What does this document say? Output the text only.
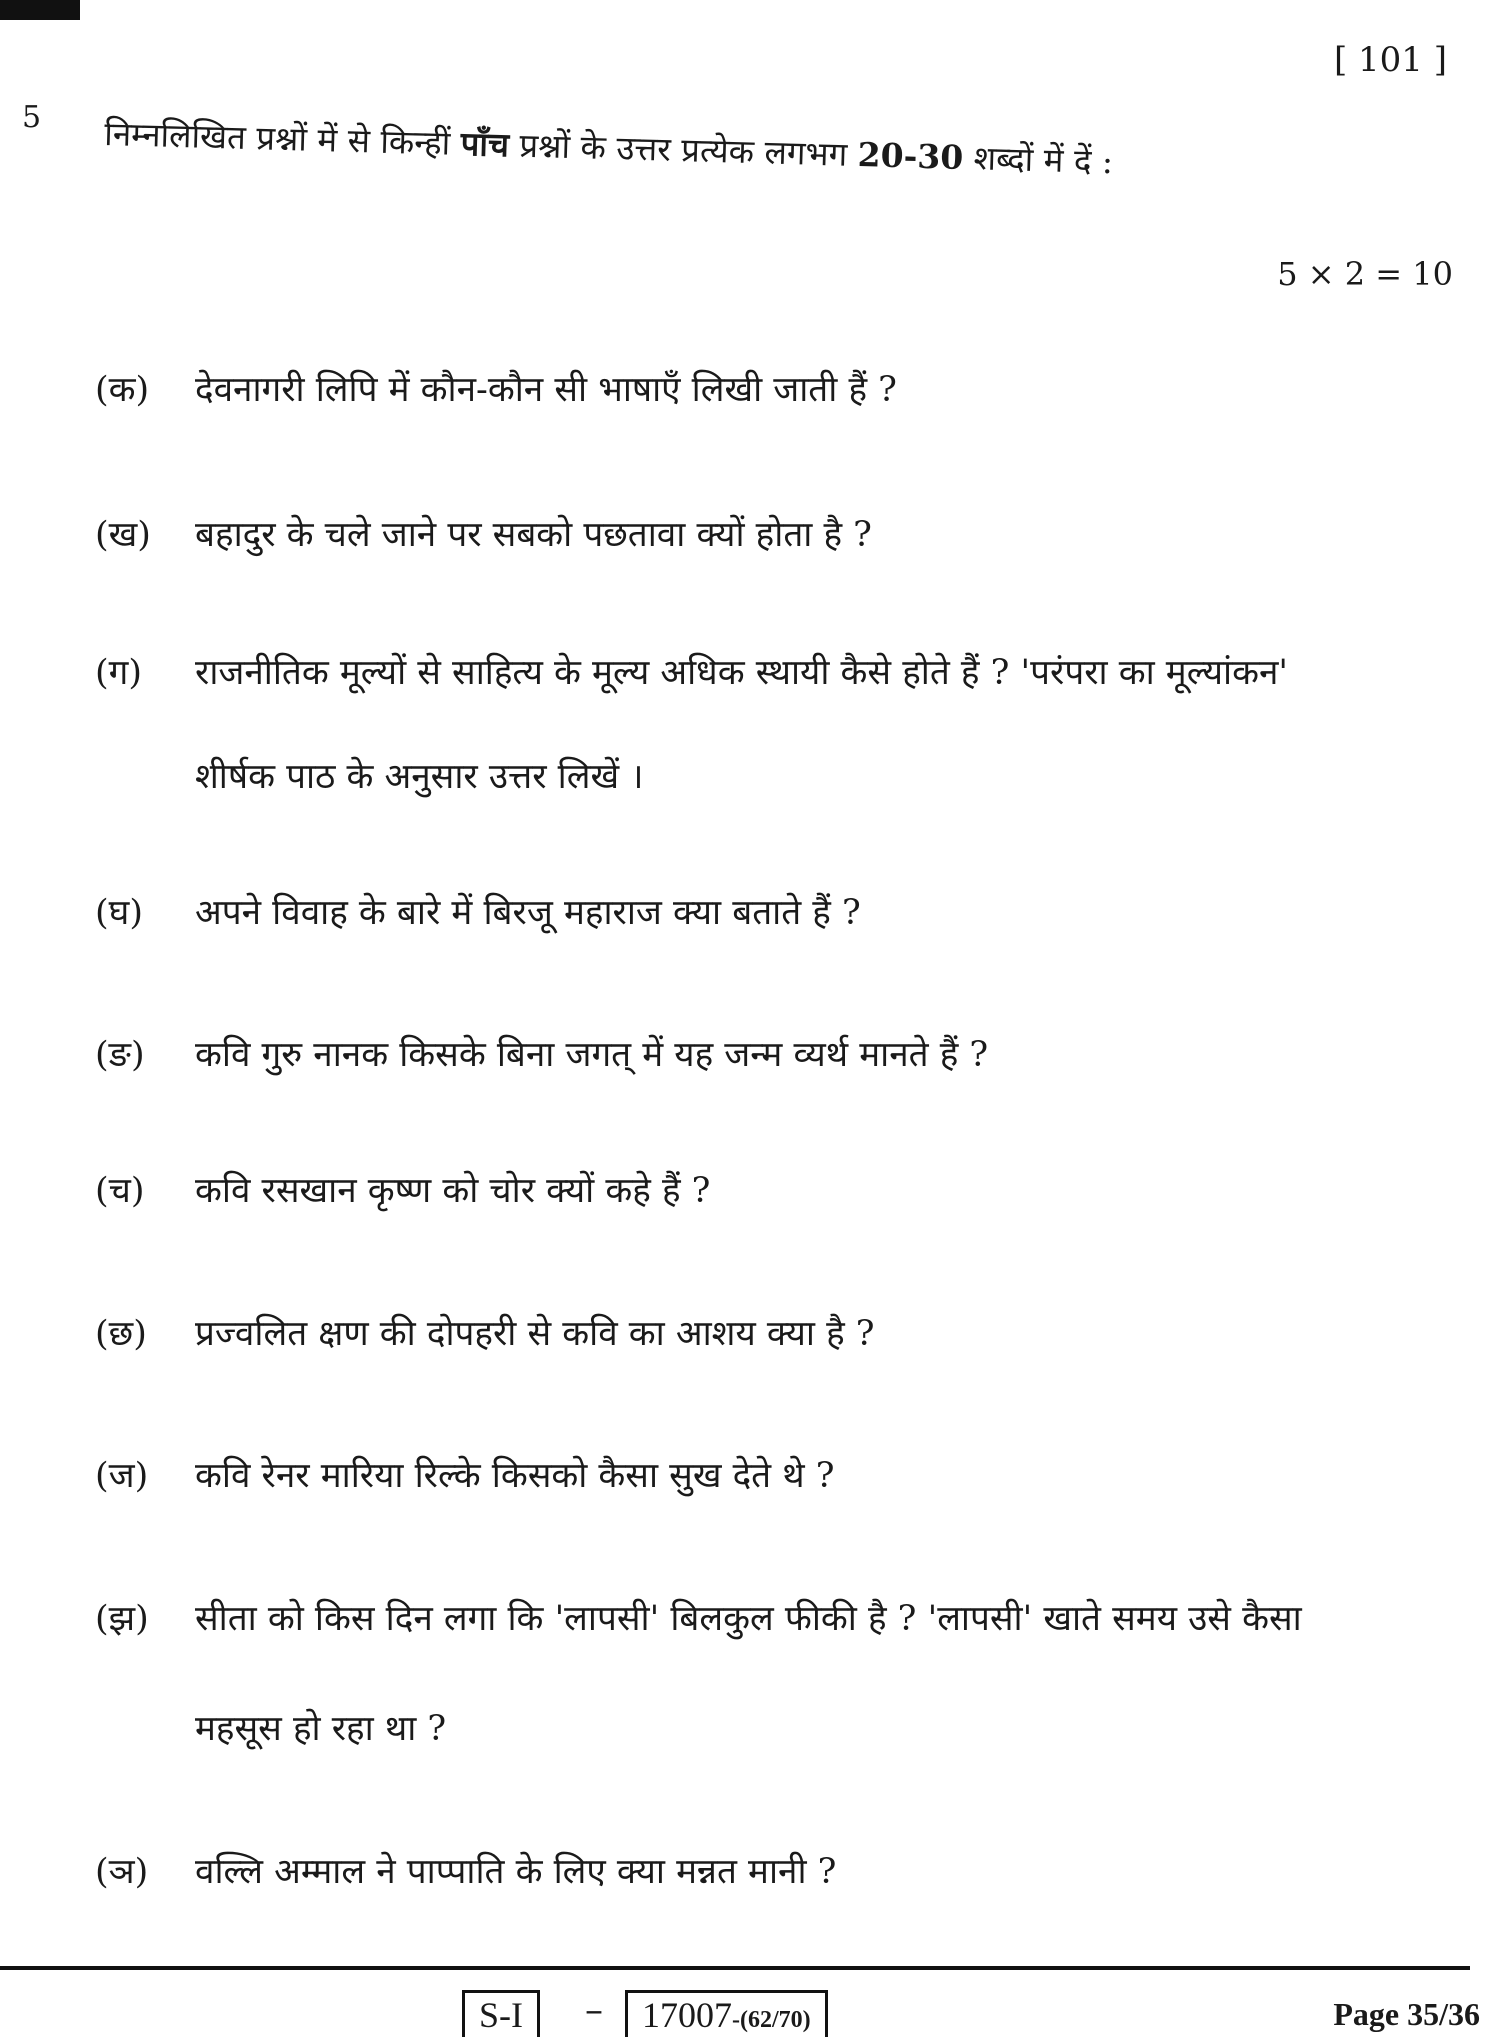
[ 101 ]
5 निम्नलिखित प्रश्नों में से किन्हीं पाँच प्रश्नों के उत्तर प्रत्येक लगभग 20-30 शब्दों में दें :
5 × 2 = 10
(क) देवनागरी लिपि में कौन-कौन सी भाषाएँ लिखी जाती हैं ?
(ख) बहादुर के चले जाने पर सबको पछतावा क्यों होता है ?
(ग) राजनीतिक मूल्यों से साहित्य के मूल्य अधिक स्थायी कैसे होते हैं ? 'परंपरा का मूल्यांकन'
शीर्षक पाठ के अनुसार उत्तर लिखें ।
(घ) अपने विवाह के बारे में बिरजू महाराज क्या बताते हैं ?
(ङ) कवि गुरु नानक किसके बिना जगत् में यह जन्म व्यर्थ मानते हैं ?
(च) कवि रसखान कृष्ण को चोर क्यों कहे हैं ?
(छ) प्रज्वलित क्षण की दोपहरी से कवि का आशय क्या है ?
(ज) कवि रेनर मारिया रिल्के किसको कैसा सुख देते थे ?
(झ) सीता को किस दिन लगा कि 'लापसी' बिलकुल फीकी है ? 'लापसी' खाते समय उसे कैसा
महसूस हो रहा था ?
(ञ) वल्लि अम्माल ने पाप्पाति के लिए क्या मन्नत मानी ?
S-I	–	17007-(62/70)	Page 35/36
